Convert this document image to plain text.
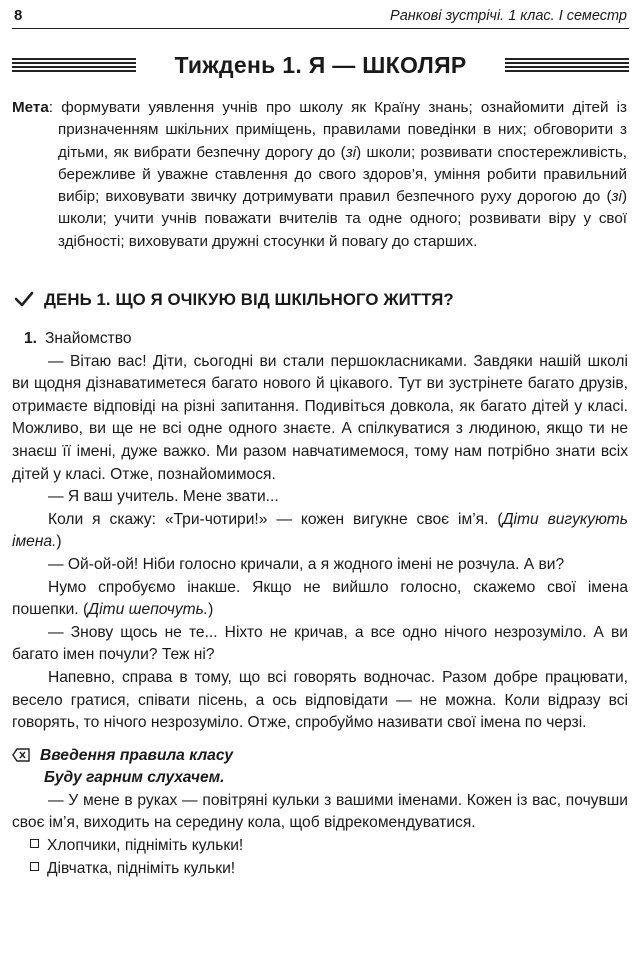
8	Ранкові зустрічі. 1 клас. І семестр
Тиждень 1. Я — ШКОЛЯР

Мета: формувати уявлення учнів про школу як Країну знань; ознайомити дітей із призначенням шкільних приміщень, правилами поведінки в них; обговорити з дітьми, як вибрати безпечну дорогу до (зі) школи; розвивати спостережливість, бережливе й уважне ставлення до свого здоров’я, уміння робити правильний вибір; виховувати звичку дотримувати правил безпечного руху дорогою до (зі) школи; учити учнів поважати вчителів та одне одного; розвивати віру у свої здібності; виховувати дружні стосунки й повагу до старших.

ДЕНЬ 1. ЩО Я ОЧІКУЮ ВІД ШКІЛЬНОГО ЖИТТЯ?

1. Знайомство

— Вітаю вас! Діти, сьогодні ви стали першокласниками. Завдяки нашій школі ви щодня дізнаватиметеся багато нового й цікавого. Тут ви зустрінете багато друзів, отримаєте відповіді на різні запитання. Подивіться довкола, як багато дітей у класі. Можливо, ви ще не всі одне одного знаєте. А спілкуватися з людиною, якщо ти не знаєш її імені, дуже важко. Ми разом навчатимемося, тому нам потрібно знати всіх дітей у класі. Отже, познайомимося.

— Я ваш учитель. Мене звати...

Коли я скажу: «Три-чотири!» — кожен вигукне своє ім’я. (Діти вигукують імена.)

— Ой-ой-ой! Ніби голосно кричали, а я жодного імені не розчула. А ви?

Нумо спробуємо інакше. Якщо не вийшло голосно, скажемо свої імена пошепки. (Діти шепочуть.)

— Знову щось не те... Ніхто не кричав, а все одно нічого незрозуміло. А ви багато імен почули? Теж ні?

Напевно, справа в тому, що всі говорять водночас. Разом добре працювати, весело гратися, співати пісень, а ось відповідати — не можна. Коли відразу всі говорять, то нічого незрозуміло. Отже, спробуймо називати свої імена по черзі.

Введення правила класу

Буду гарним слухачем.

— У мене в руках — повітряні кульки з вашими іменами. Кожен із вас, почувши своє ім’я, виходить на середину кола, щоб відрекомендуватися.

Хлопчики, підніміть кульки!

Дівчатка, підніміть кульки!
